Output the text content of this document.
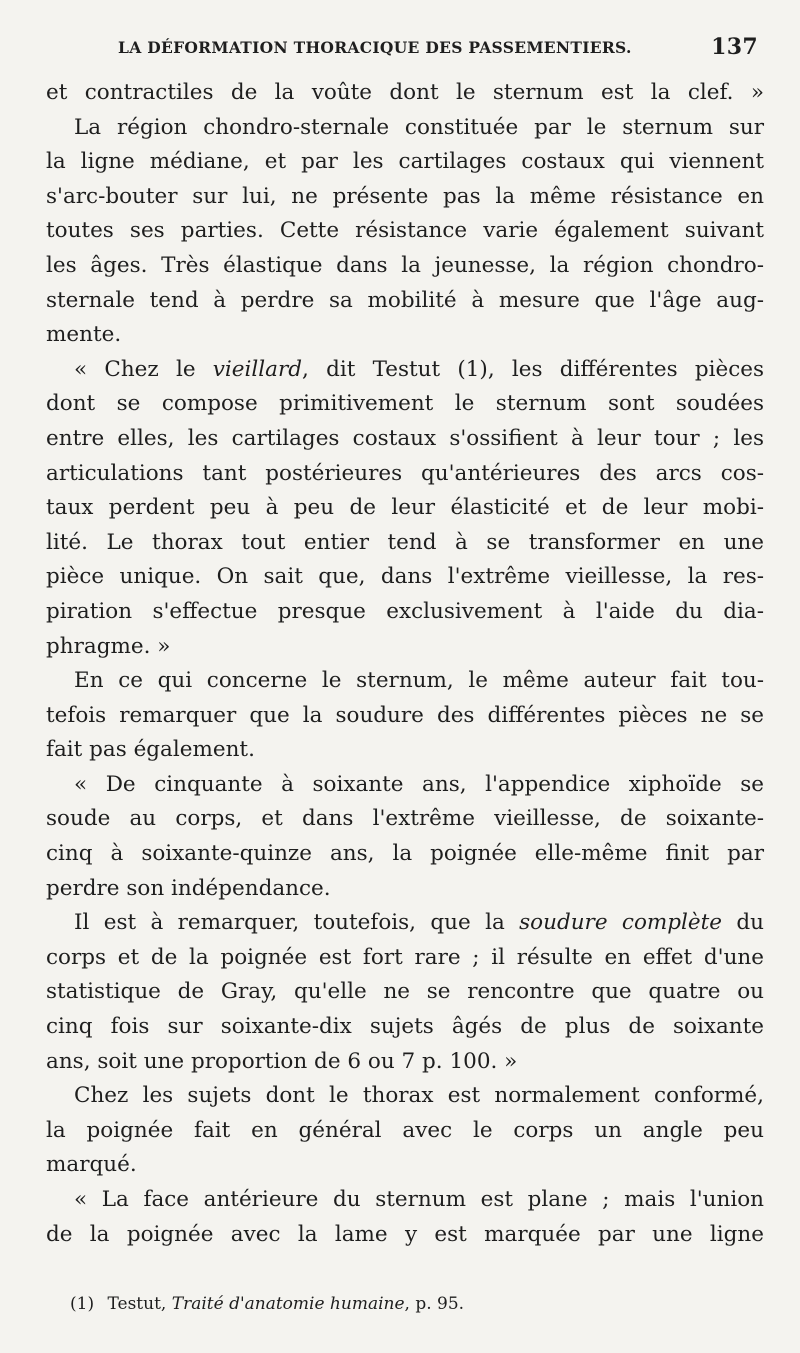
LA DÉFORMATION THORACIQUE DES PASSEMENTIERS.	137
et contractiles de la voûte dont le sternum est la clef. »
La région chondro-sternale constituée par le sternum sur
la ligne médiane, et par les cartilages costaux qui viennent
s'arc-bouter sur lui, ne présente pas la même résistance en
toutes ses parties. Cette résistance varie également suivant
les âges. Très élastique dans la jeunesse, la région chondro-
sternale tend à perdre sa mobilité à mesure que l'âge aug-
mente.
« Chez le vieillard, dit Testut (1), les différentes pièces
dont se compose primitivement le sternum sont soudées
entre elles, les cartilages costaux s'ossifient à leur tour ; les
articulations tant postérieures qu'antérieures des arcs cos-
taux perdent peu à peu de leur élasticité et de leur mobi-
lité. Le thorax tout entier tend à se transformer en une
pièce unique. On sait que, dans l'extrême vieillesse, la res-
piration s'effectue presque exclusivement à l'aide du dia-
phragme. »
En ce qui concerne le sternum, le même auteur fait tou-
tefois remarquer que la soudure des différentes pièces ne se
fait pas également.
« De cinquante à soixante ans, l'appendice xiphoïde se
soude au corps, et dans l'extrême vieillesse, de soixante-
cinq à soixante-quinze ans, la poignée elle-même finit par
perdre son indépendance.
Il est à remarquer, toutefois, que la soudure complète du
corps et de la poignée est fort rare ; il résulte en effet d'une
statistique de Gray, qu'elle ne se rencontre que quatre ou
cinq fois sur soixante-dix sujets âgés de plus de soixante
ans, soit une proportion de 6 ou 7 p. 100. »
Chez les sujets dont le thorax est normalement conformé,
la poignée fait en général avec le corps un angle peu
marqué.
« La face antérieure du sternum est plane ; mais l'union
de la poignée avec la lame y est marquée par une ligne
(1) Testut, Traité d'anatomie humaine, p. 95.
